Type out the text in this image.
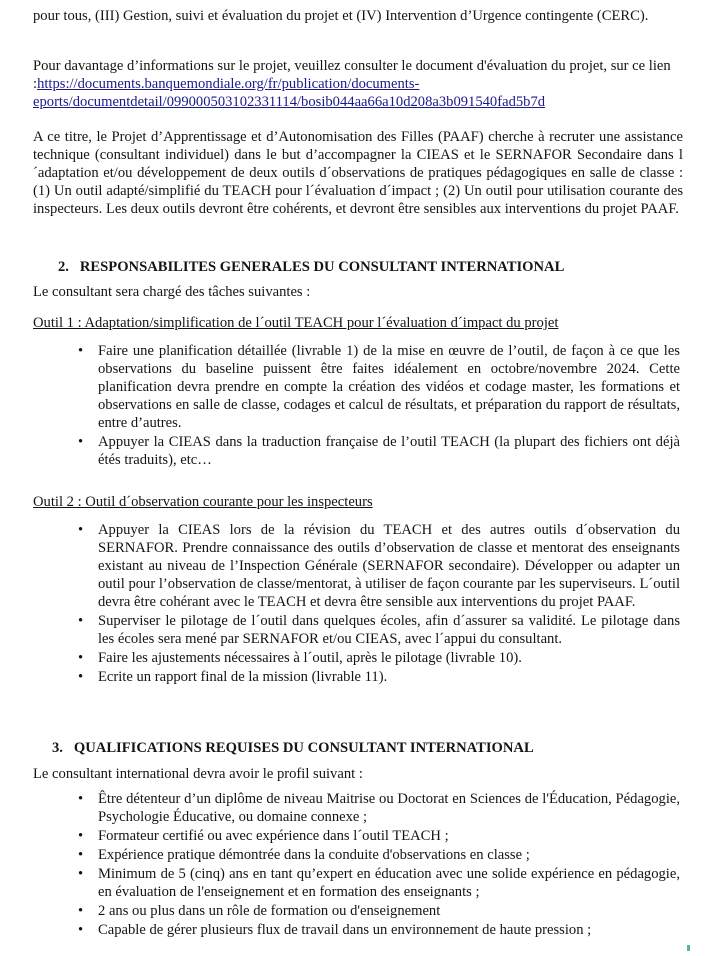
pour tous, (III) Gestion, suivi et évaluation du projet et (IV) Intervention d’Urgence contingente (CERC).

Pour davantage d’informations sur le projet, veuillez consulter le document d'évaluation du projet, sur ce lien :https://documents.banquemondiale.org/fr/publication/documents-eports/documentdetail/099000503102331114/bosib044aa66a10d208a3b091540fad5b7d

A ce titre, le Projet d’Apprentissage et d’Autonomisation des Filles (PAAF) cherche à recruter une assistance technique (consultant individuel) dans le but d’accompagner la CIEAS et le SERNAFOR Secondaire dans l´adaptation et/ou développement de deux outils d´observations de pratiques pédagogiques en salle de classe : (1) Un outil adapté/simplifié du TEACH pour l´évaluation d´impact ; (2) Un outil pour utilisation courante des inspecteurs. Les deux outils devront être cohérents, et devront être sensibles aux interventions du projet PAAF.

2.   RESPONSABILITES GENERALES DU CONSULTANT INTERNATIONAL

Le consultant sera chargé des tâches suivantes :

Outil 1 : Adaptation/simplification de l´outil TEACH pour l´évaluation d´impact du projet

• Faire une planification détaillée (livrable 1) de la mise en œuvre de l’outil, de façon à ce que les observations du baseline puissent être faites idéalement en octobre/novembre 2024. Cette planification devra prendre en compte la création des vidéos et codage master, les formations et observations en salle de classe, codages et calcul de résultats, et préparation du rapport de résultats, entre d’autres.
• Appuyer la CIEAS dans la traduction française de l’outil TEACH (la plupart des fichiers ont déjà étés traduits), etc…

Outil 2 : Outil d´observation courante pour les inspecteurs

• Appuyer la CIEAS lors de la révision du TEACH et des autres outils d´observation du SERNAFOR. Prendre connaissance des outils d’observation de classe et mentorat des enseignants existant au niveau de l’Inspection Générale (SERNAFOR secondaire). Développer ou adapter un outil pour l’observation de classe/mentorat, à utiliser de façon courante par les superviseurs. L´outil devra être cohérant avec le TEACH et devra être sensible aux interventions du projet PAAF.
• Superviser le pilotage de l´outil dans quelques écoles, afin d´assurer sa validité. Le pilotage dans les écoles sera mené par SERNAFOR et/ou CIEAS, avec l´appui du consultant.
• Faire les ajustements nécessaires à l´outil, après le pilotage (livrable 10).
• Ecrite un rapport final de la mission (livrable 11).
3.   QUALIFICATIONS REQUISES DU CONSULTANT INTERNATIONAL

Le consultant international devra avoir le profil suivant :

• Être détenteur d’un diplôme de niveau Maitrise ou Doctorat en Sciences de l'Éducation, Pédagogie, Psychologie Éducative, ou domaine connexe ;
• Formateur certifié ou avec expérience dans l´outil TEACH ;
• Expérience pratique démontrée dans la conduite d'observations en classe ;
• Minimum de 5 (cinq) ans en tant qu’expert en éducation avec une solide expérience en pédagogie, en évaluation de l'enseignement et en formation des enseignants ;
• 2 ans ou plus dans un rôle de formation ou d'enseignement
• Capable de gérer plusieurs flux de travail dans un environnement de haute pression ;
